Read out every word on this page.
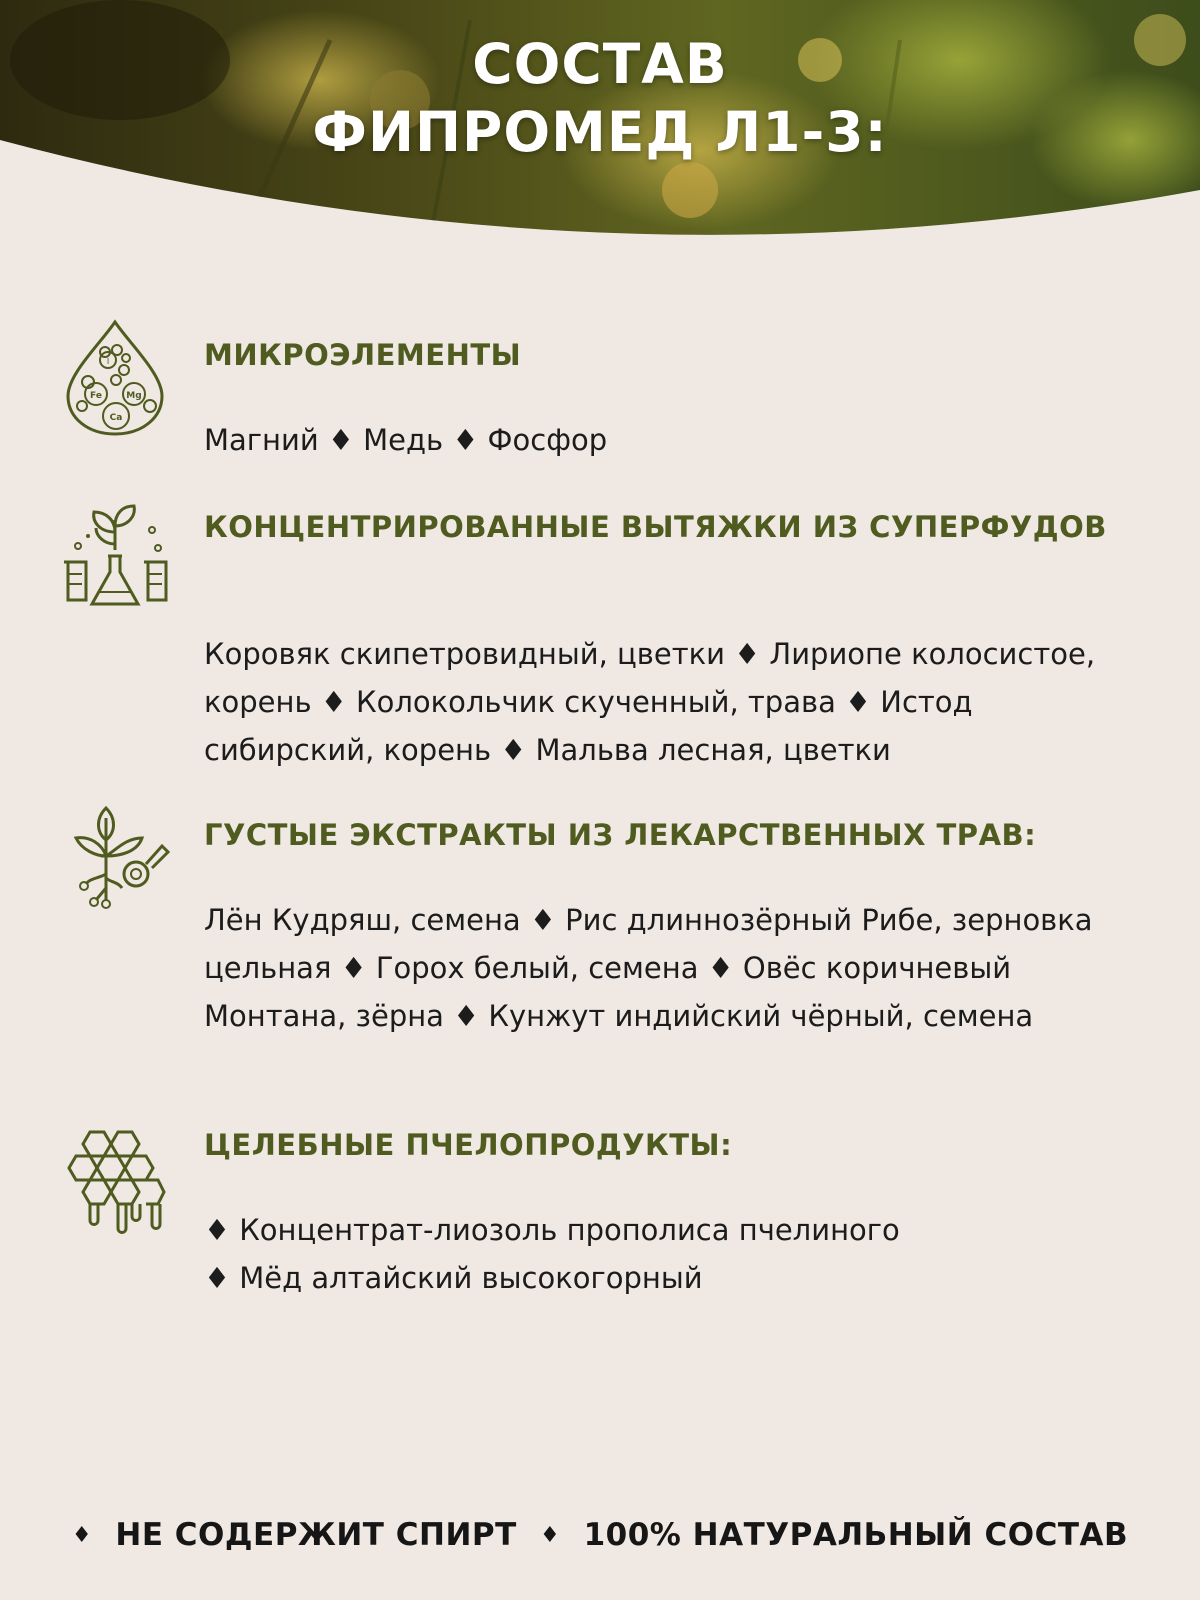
СОСТАВ
ФИПРОМЕД Л1-3:
I
Fe	Mg
Ca
МИКРОЭЛЕМЕНТЫ
Магний ♦ Медь ♦ Фосфор
КОНЦЕНТРИРОВАННЫЕ ВЫТЯЖКИ ИЗ СУПЕРФУДОВ
Коровяк скипетровидный, цветки ♦ Лириопе колосистое, корень ♦ Колокольчик скученный, трава ♦ Истод сибирский, корень ♦ Мальва лесная, цветки
ГУСТЫЕ ЭКСТРАКТЫ ИЗ ЛЕКАРСТВЕННЫХ ТРАВ:
Лён Кудряш, семена ♦ Рис длиннозёрный Рибе, зерновка цельная ♦ Горох белый, семена ♦ Овёс коричневый Монтана, зёрна ♦ Кунжут индийский чёрный, семена
ЦЕЛЕБНЫЕ ПЧЕЛОПРОДУКТЫ:
♦ Концентрат-лиозоль прополиса пчелиного
♦ Мёд алтайский высокогорный
♦ НЕ СОДЕРЖИТ СПИРТ ♦ 100% НАТУРАЛЬНЫЙ СОСТАВ
